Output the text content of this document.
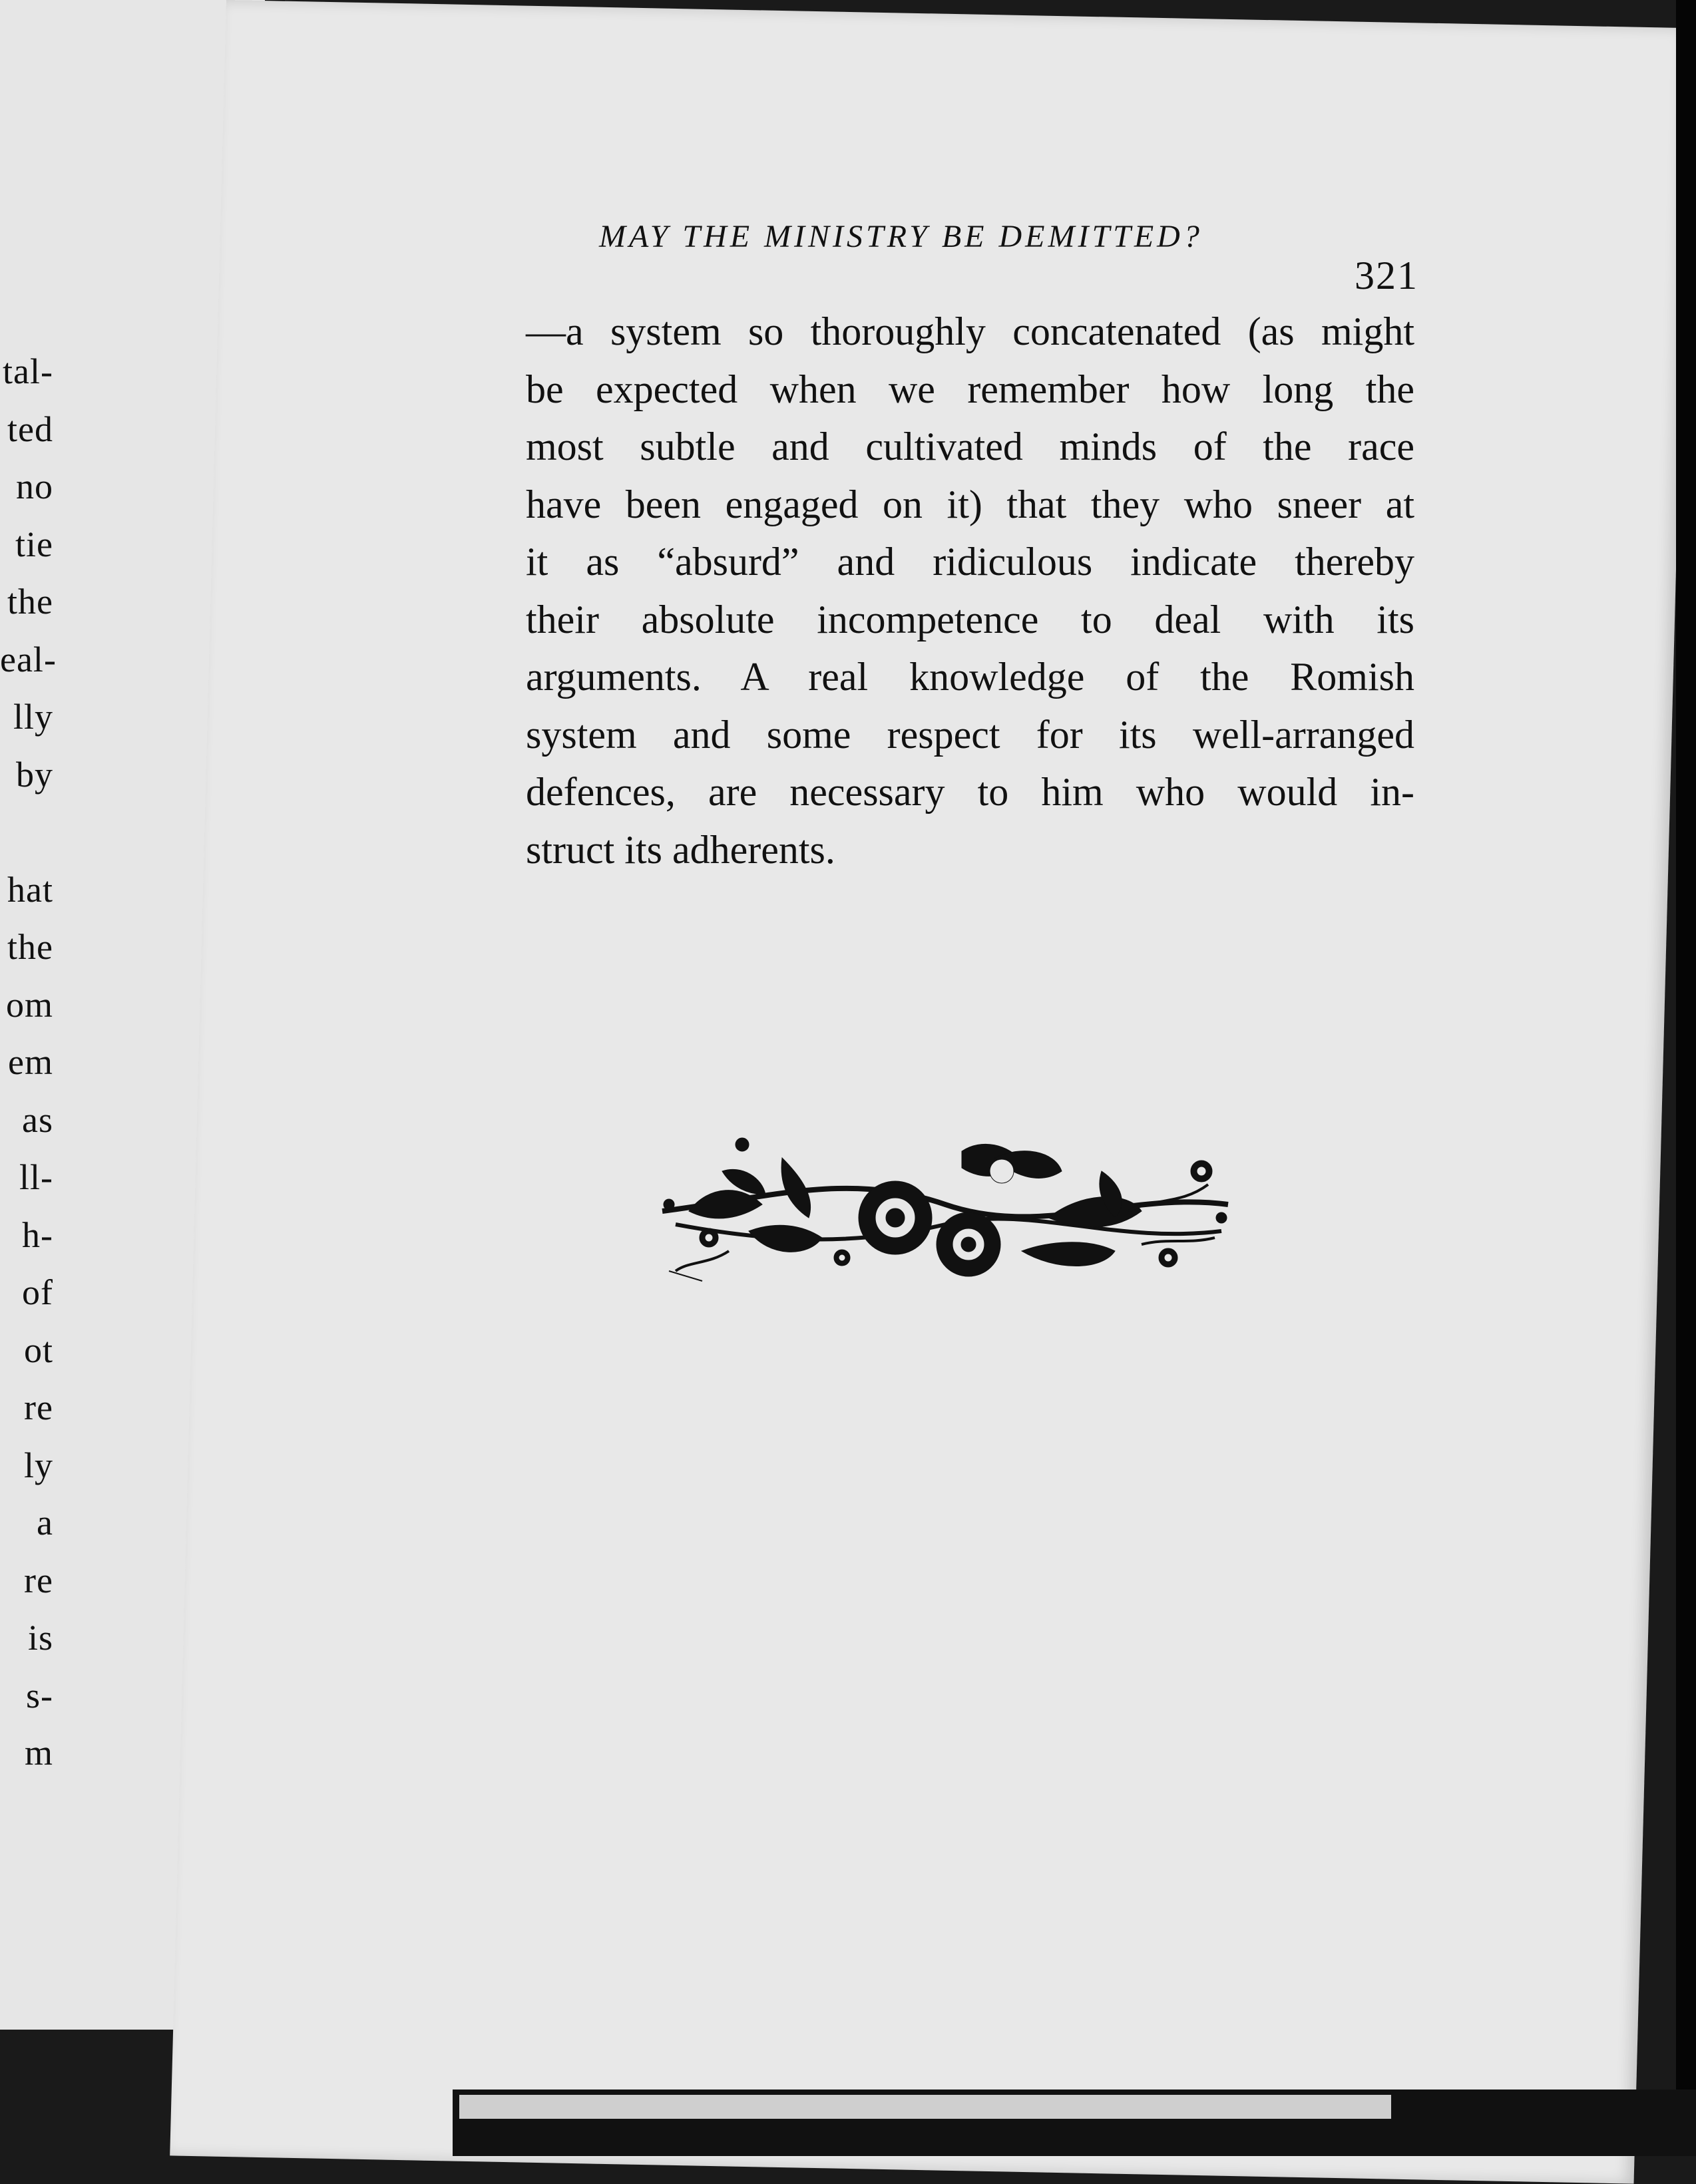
tal-
ted
no
tie
the
eal-
lly
by
hat
the
om
em
as
ll-
h-
of
ot
re
ly
a
re
is
s-
m
MAY THE MINISTRY BE DEMITTED?
321
—a system so thoroughly concatenated (as might
be expected when we remember how long the
most subtle and cultivated minds of the race
have been engaged on it) that they who sneer at
it as “absurd” and ridiculous indicate thereby
their absolute incompetence to deal with its
arguments. A real knowledge of the Romish
system and some respect for its well-arranged
defences, are necessary to him who would in-
struct its adherents.
